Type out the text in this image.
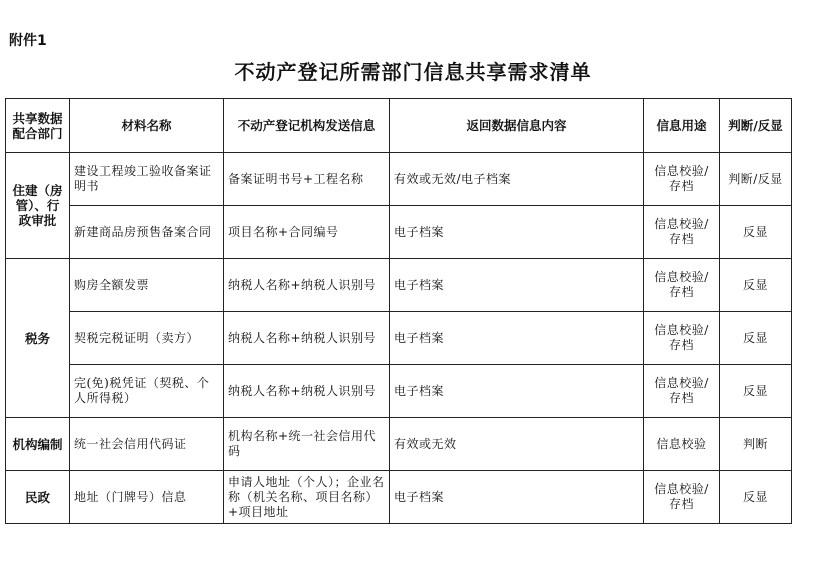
附件1
不动产登记所需部门信息共享需求清单
共享数据配合部门	材料名称	不动产登记机构发送信息	返回数据信息内容	信息用途	判断/反显
住建（房管）、行政审批	建设工程竣工验收备案证明书	备案证明书号+工程名称	有效或无效/电子档案	信息校验/存档	判断/反显
	新建商品房预售备案合同	项目名称+合同编号	电子档案	信息校验/存档	反显
税务	购房全额发票	纳税人名称+纳税人识别号	电子档案	信息校验/存档	反显
	契税完税证明（卖方）	纳税人名称+纳税人识别号	电子档案	信息校验/存档	反显
	完(免)税凭证（契税、个人所得税）	纳税人名称+纳税人识别号	电子档案	信息校验/存档	反显
机构编制	统一社会信用代码证	机构名称+统一社会信用代码	有效或无效	信息校验	判断
民政	地址（门牌号）信息	申请人地址（个人）；企业名称（机关名称、项目名称）+项目地址	电子档案	信息校验/存档	反显
